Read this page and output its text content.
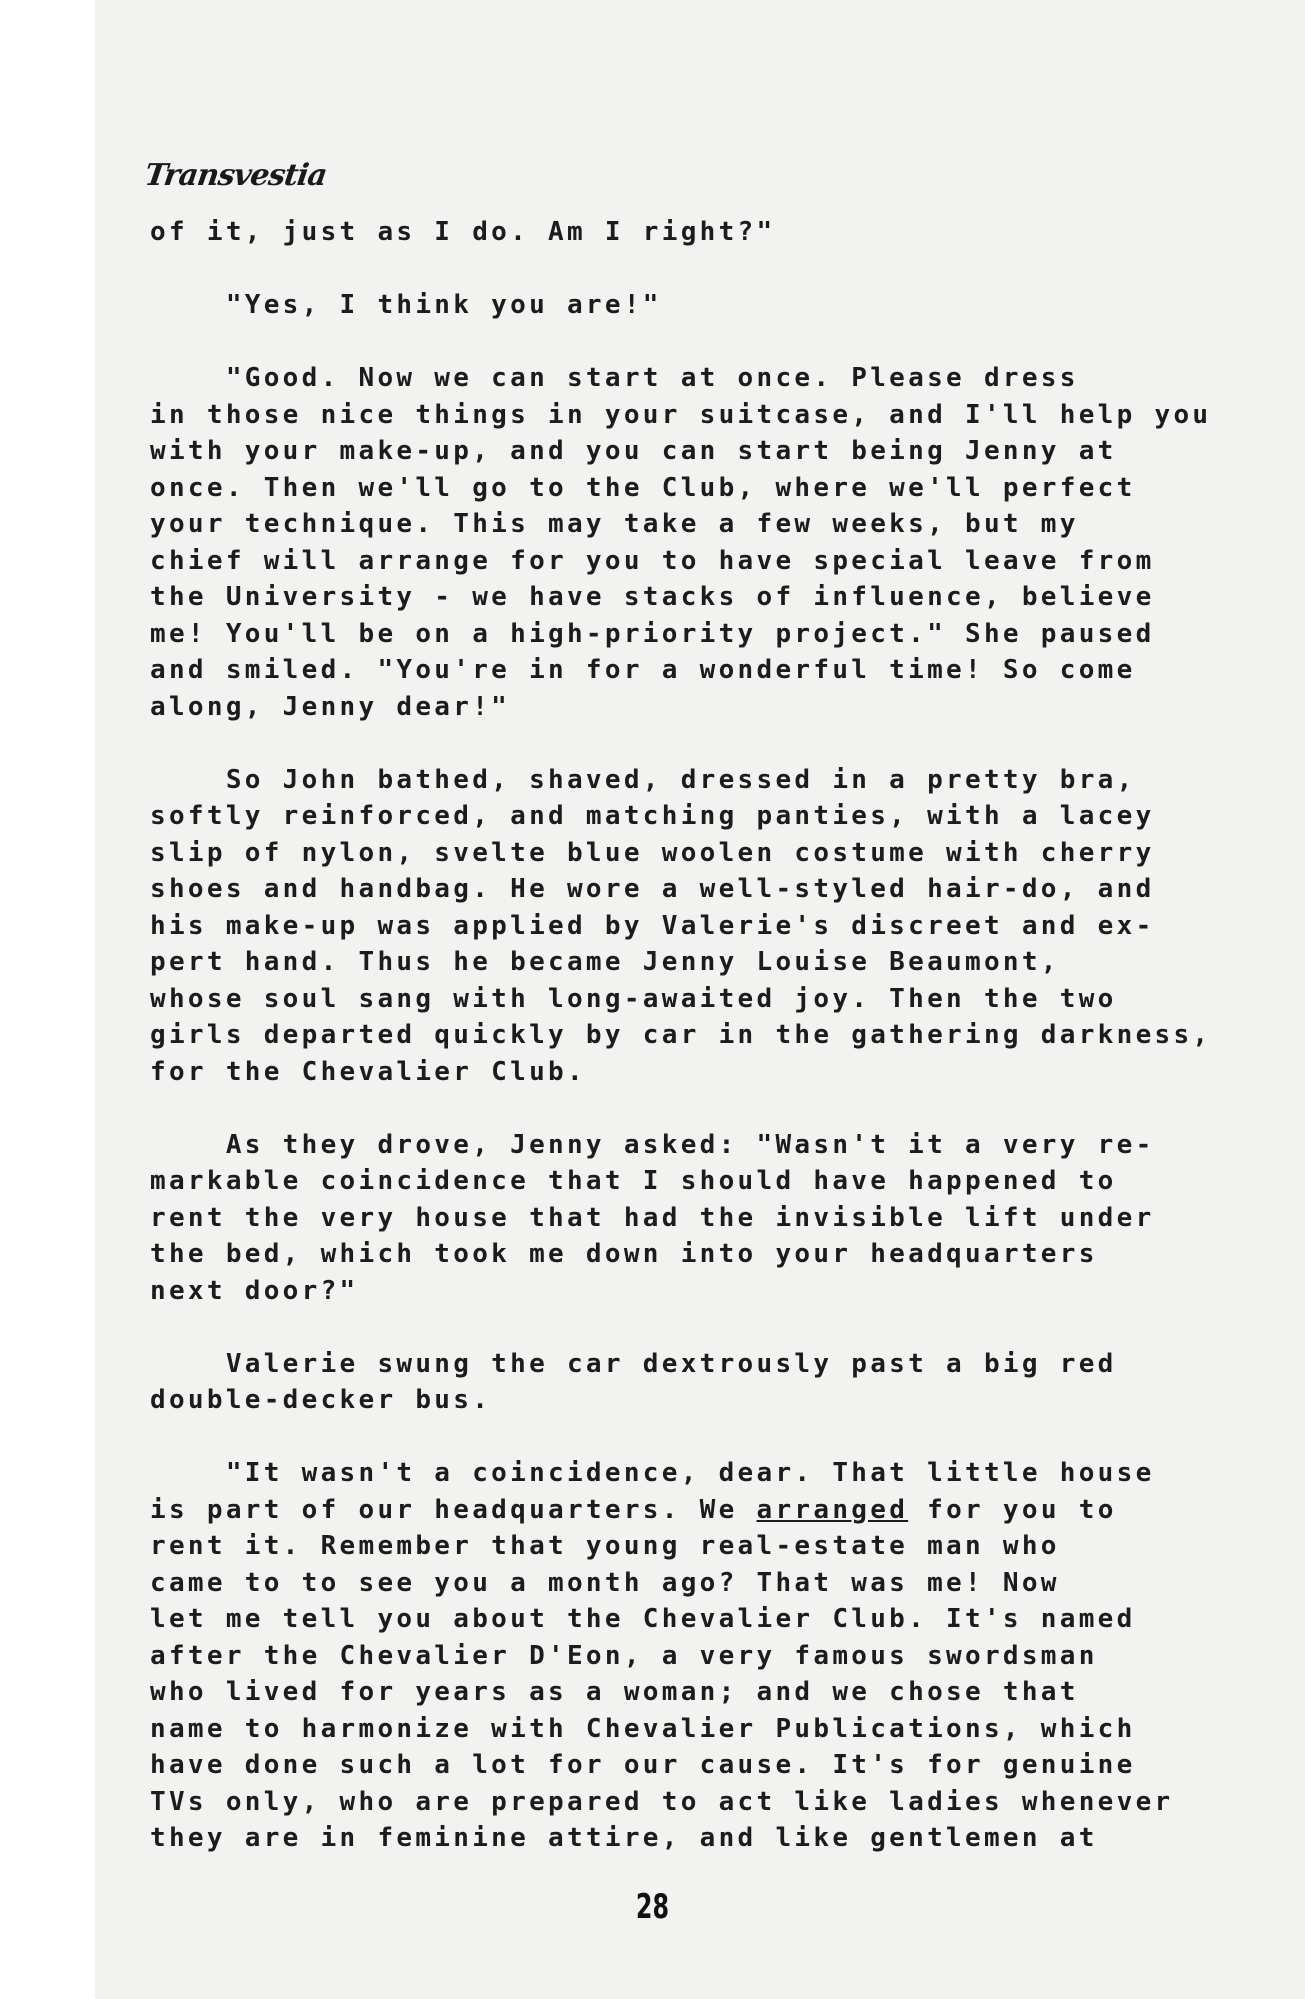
Transvestia
of it, just as I do. Am I right?"
"Yes, I think you are!"
"Good. Now we can start at once. Please dress
in those nice things in your suitcase, and I'll help you
with your make-up, and you can start being Jenny at
once. Then we'll go to the Club, where we'll perfect
your technique. This may take a few weeks, but my
chief will arrange for you to have special leave from
the University - we have stacks of influence, believe
me! You'll be on a high-priority project." She paused
and smiled. "You're in for a wonderful time! So come
along, Jenny dear!"
So John bathed, shaved, dressed in a pretty bra,
softly reinforced, and matching panties, with a lacey
slip of nylon, svelte blue woolen costume with cherry
shoes and handbag. He wore a well-styled hair-do, and
his make-up was applied by Valerie's discreet and ex-
pert hand. Thus he became Jenny Louise Beaumont,
whose soul sang with long-awaited joy. Then the two
girls departed quickly by car in the gathering darkness,
for the Chevalier Club.
As they drove, Jenny asked: "Wasn't it a very re-
markable coincidence that I should have happened to
rent the very house that had the invisible lift under
the bed, which took me down into your headquarters
next door?"
Valerie swung the car dextrously past a big red
double-decker bus.
"It wasn't a coincidence, dear. That little house
is part of our headquarters. We arranged for you to
rent it. Remember that young real-estate man who
came to to see you a month ago? That was me! Now
let me tell you about the Chevalier Club. It's named
after the Chevalier D'Eon, a very famous swordsman
who lived for years as a woman; and we chose that
name to harmonize with Chevalier Publications, which
have done such a lot for our cause. It's for genuine
TVs only, who are prepared to act like ladies whenever
they are in feminine attire, and like gentlemen at
28
